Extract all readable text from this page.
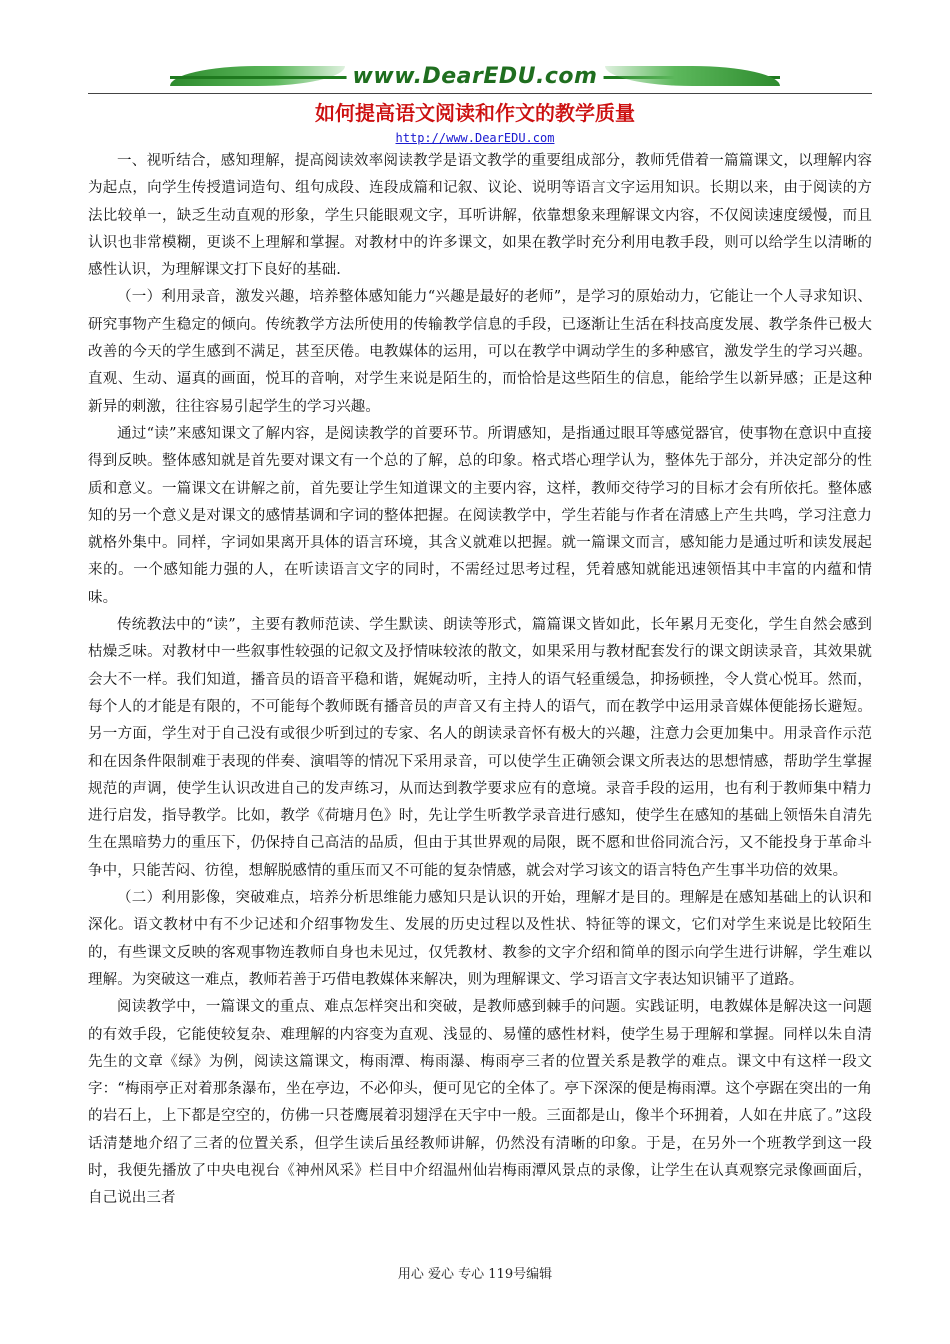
www.DearEDU.com
如何提高语文阅读和作文的教学质量
http://www.DearEDU.com

一、视听结合，感知理解，提高阅读效率阅读教学是语文教学的重要组成部分，教师凭借着一篇篇课文，以理解内容为起点，向学生传授遣词造句、组句成段、连段成篇和记叙、议论、说明等语言文字运用知识。长期以来，由于阅读的方法比较单一，缺乏生动直观的形象，学生只能眼观文字，耳听讲解，依靠想象来理解课文内容，不仅阅读速度缓慢，而且认识也非常模糊，更谈不上理解和掌握。对教材中的许多课文，如果在教学时充分利用电教手段，则可以给学生以清晰的感性认识，为理解课文打下良好的基础.

（一）利用录音，激发兴趣，培养整体感知能力“兴趣是最好的老师”，是学习的原始动力，它能让一个人寻求知识、研究事物产生稳定的倾向。传统教学方法所使用的传输教学信息的手段，已逐渐让生活在科技高度发展、教学条件已极大改善的今天的学生感到不满足，甚至厌倦。电教媒体的运用，可以在教学中调动学生的多种感官，激发学生的学习兴趣。直观、生动、逼真的画面，悦耳的音响，对学生来说是陌生的，而恰恰是这些陌生的信息，能给学生以新异感；正是这种新异的刺激，往往容易引起学生的学习兴趣。

通过“读”来感知课文了解内容，是阅读教学的首要环节。所谓感知，是指通过眼耳等感觉器官，使事物在意识中直接得到反映。整体感知就是首先要对课文有一个总的了解，总的印象。格式塔心理学认为，整体先于部分，并决定部分的性质和意义。一篇课文在讲解之前，首先要让学生知道课文的主要内容，这样，教师交待学习的目标才会有所依托。整体感知的另一个意义是对课文的感情基调和字词的整体把握。在阅读教学中，学生若能与作者在清感上产生共鸣，学习注意力就格外集中。同样，字词如果离开具体的语言环境，其含义就难以把握。就一篇课文而言，感知能力是通过听和读发展起来的。一个感知能力强的人，在听读语言文字的同时，不需经过思考过程，凭着感知就能迅速领悟其中丰富的内蕴和情味。

传统教法中的“读”，主要有教师范读、学生默读、朗读等形式，篇篇课文皆如此，长年累月无变化，学生自然会感到枯燥乏味。对教材中一些叙事性较强的记叙文及抒情味较浓的散文，如果采用与教材配套发行的课文朗读录音，其效果就会大不一样。我们知道，播音员的语音平稳和谐，娓娓动听，主持人的语气轻重缓急，抑扬顿挫，令人赏心悦耳。然而，每个人的才能是有限的，不可能每个教师既有播音员的声音又有主持人的语气，而在教学中运用录音媒体便能扬长避短。另一方面，学生对于自己没有或很少听到过的专家、名人的朗读录音怀有极大的兴趣，注意力会更加集中。用录音作示范和在因条件限制难于表现的伴奏、演唱等的情况下采用录音，可以使学生正确领会课文所表达的思想情感，帮助学生掌握规范的声调，使学生认识改进自己的发声练习，从而达到教学要求应有的意境。录音手段的运用，也有利于教师集中精力进行启发，指导教学。比如，教学《荷塘月色》时，先让学生听教学录音进行感知，使学生在感知的基础上领悟朱自清先生在黑暗势力的重压下，仍保持自己高洁的品质，但由于其世界观的局限，既不愿和世俗同流合污，又不能投身于革命斗争中，只能苦闷、彷徨，想解脱感情的重压而又不可能的复杂情感，就会对学习该文的语言特色产生事半功倍的效果。

（二）利用影像，突破难点，培养分析思维能力感知只是认识的开始，理解才是目的。理解是在感知基础上的认识和深化。语文教材中有不少记述和介绍事物发生、发展的历史过程以及性状、特征等的课文，它们对学生来说是比较陌生的，有些课文反映的客观事物连教师自身也未见过，仅凭教材、教参的文字介绍和简单的图示向学生进行讲解，学生难以理解。为突破这一难点，教师若善于巧借电教媒体来解决，则为理解课文、学习语言文字表达知识铺平了道路。

阅读教学中，一篇课文的重点、难点怎样突出和突破，是教师感到棘手的问题。实践证明，电教媒体是解决这一问题的有效手段，它能使较复杂、难理解的内容变为直观、浅显的、易懂的感性材料，使学生易于理解和掌握。同样以朱自清先生的文章《绿》为例，阅读这篇课文，梅雨潭、梅雨瀑、梅雨亭三者的位置关系是教学的难点。课文中有这样一段文字：“梅雨亭正对着那条瀑布，坐在亭边，不必仰头，便可见它的全体了。亭下深深的便是梅雨潭。这个亭踞在突出的一角的岩石上，上下都是空空的，仿佛一只苍鹰展着羽翅浮在天宇中一般。三面都是山，像半个环拥着，人如在井底了。”这段话清楚地介绍了三者的位置关系，但学生读后虽经教师讲解，仍然没有清晰的印象。于是，在另外一个班教学到这一段时，我便先播放了中央电视台《神州风采》栏目中介绍温州仙岩梅雨潭风景点的录像，让学生在认真观察完录像画面后，自己说出三者

用心 爱心 专心 119号编辑
